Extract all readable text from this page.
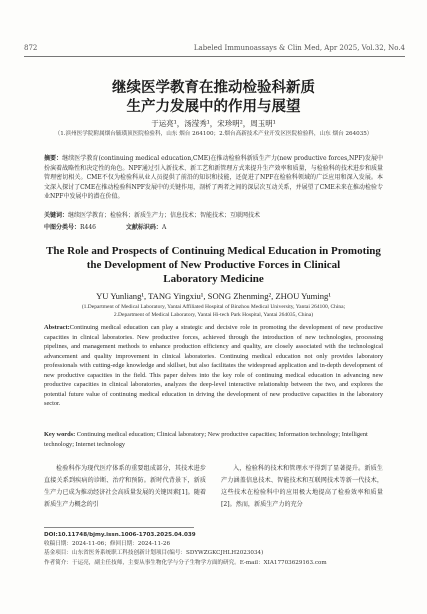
872	Labeled Immunoassays & Clin Med, Apr 2025, Vol.32, No.4
继续医学教育在推动检验科新质
生产力发展中的作用与展望
于运亮¹，汤滢秀¹，宋珍明²，周玉明¹
（1.滨州医学院附属烟台毓璜顶医院检验科，山东 烟台 264100；2.烟台高新技术产业开发区医院检验科，山东 烟台 264035）
摘要：继续医学教育(continuing medical education,CME)在推动检验科新质生产力(new productive forces,NPF)发展中扮演着战略性和决定性的角色。NPF通过引入新技术、新工艺和新管理方式来提升生产效率和质量，与检验科的技术进步和质量管理密切相关。CME不仅为检验科从业人员提供了前沿的知识和技能，还促进了NPF在检验科领域的广泛应用和深入发展。本文深入探讨了CME在推动检验科NPF发展中的关键作用，剖析了两者之间的深层次互动关系，并展望了CME未来在推动检验专业NPF中发展中的潜在价值。
关键词：继续医学教育；检验科；新质生产力；信息技术；智能技术；互联网技术
中图分类号：R446	文献标识码：A
The Role and Prospects of Continuing Medical Education in Promoting
the Development of New Productive Forces in Clinical
Laboratory Medicine
YU Yunliang¹, TANG Yingxiu¹, SONG Zhenming², ZHOU Yuming¹
(1.Department of Medical Laboratory, Yantai Affiliated Hospital of Binzhou Medical University, Yantai 264100, China;
2.Department of Medical Laboratory, Yantai Hi-tech Park Hospital, Yantai 264035, China)
Abstract:Continuing medical education can play a strategic and decisive role in promoting the development of new productive capacities in clinical laboratories. New productive forces, achieved through the introduction of new technologies, processing pipelines, and management methods to enhance production efficiency and quality, are closely associated with the technological advancement and quality improvement in clinical laboratories. Continuing medical education not only provides laboratory professionals with cutting-edge knowledge and skillset, but also facilitates the widespread application and in-depth development of new productive capacities in the field. This paper delves into the key role of continuing medical education in advancing new productive capacities in clinical laboratories, analyzes the deep-level interactive relationship between the two, and explores the potential future value of continuing medical education in driving the development of new productive capacities in the laboratory sector.
Key words: Continuing medical education; Clinical laboratory; New productive capacities; Information technology; Intelligent technology; Internet technology
检验科作为现代医疗体系的重要组成部分，其技术进步直接关系到疾病的诊断、治疗和预防。新时代背景下，新质生产力已成为推动经济社会高质量发展的关键因素[1]。随着新质生产力概念的引
入，检验科的技术和管理水平得到了显著提升。新质生产力涵盖信息技术、智能技术和互联网技术等新一代技术，这些技术在检验科中的应用极大地提高了检验效率和质量[2]。然而，新质生产力的充分
DOI:10.11748/bjmy.issn.1006-1703.2025.04.039
收稿日期：2024-11-06；修回日期：2024-11-26
基金项目：山东省医务系统职工科技创新计划项目(编号：SDYWZGKCJHLH2023034)
作者简介：于运亮，副主任技师，主要从事生物化学与分子生物学方面的研究。E-mail：XIA17703629163.com
